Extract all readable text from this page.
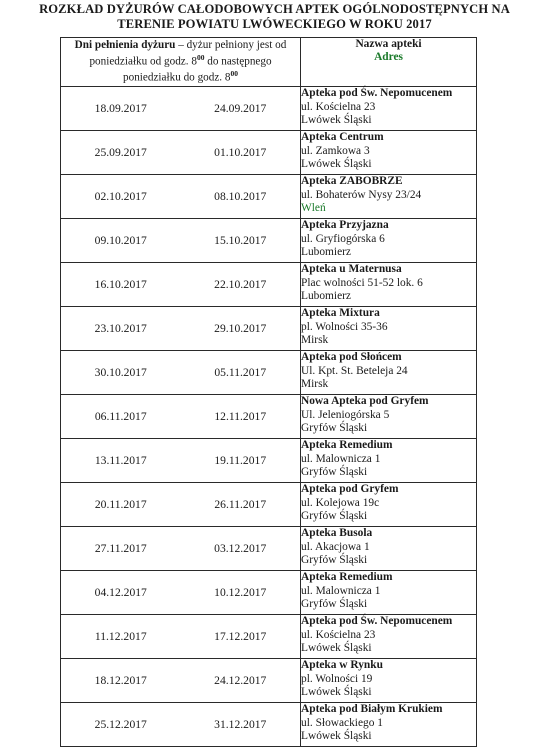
ROZKŁAD DYŻURÓW CAŁODOBOWYCH APTEK OGÓLNODOSTĘPNYCH NA
TERENIE POWIATU LWÓWECKIEGO W ROKU 2017
Dni pełnienia dyżuru – dyżur pełniony jest od poniedziałku od godz. $8^{00}$ do następnego poniedziałku do godz. $8^{00}$		Nazwa apteki
Adres

18.09.2017	24.09.2017	Apteka pod Św. Nepomucenem
ul. Kościelna 23
Lwówek Śląski

25.09.2017	01.10.2017	Apteka Centrum
ul. Zamkowa 3
Lwówek Śląski

02.10.2017	08.10.2017	Apteka ZABOBRZE
ul. Bohaterów Nysy 23/24
Wleń

09.10.2017	15.10.2017	Apteka Przyjazna
ul. Gryfiogórska 6
Lubomierz

16.10.2017	22.10.2017	Apteka u Maternusa
Plac wolności 51-52 lok. 6
Lubomierz

23.10.2017	29.10.2017	Apteka Mixtura
pl. Wolności 35-36
Mirsk

30.10.2017	05.11.2017	Apteka pod Słońcem
Ul. Kpt. St. Beteleja 24
Mirsk

06.11.2017	12.11.2017	Nowa Apteka pod Gryfem
Ul. Jeleniogórska 5
Gryfów Śląski

13.11.2017	19.11.2017	Apteka Remedium
ul. Malownicza 1
Gryfów Śląski

20.11.2017	26.11.2017	Apteka pod Gryfem
ul. Kolejowa 19c
Gryfów Śląski

27.11.2017	03.12.2017	Apteka Busola
ul. Akacjowa 1
Gryfów Śląski

04.12.2017	10.12.2017	Apteka Remedium
ul. Malownicza 1
Gryfów Śląski

11.12.2017	17.12.2017	Apteka pod Św. Nepomucenem
ul. Kościelna 23
Lwówek Śląski

18.12.2017	24.12.2017	Apteka w Rynku
pl. Wolności 19
Lwówek Śląski

25.12.2017	31.12.2017	Apteka pod Białym Krukiem
ul. Słowackiego 1
Lwówek Śląski
